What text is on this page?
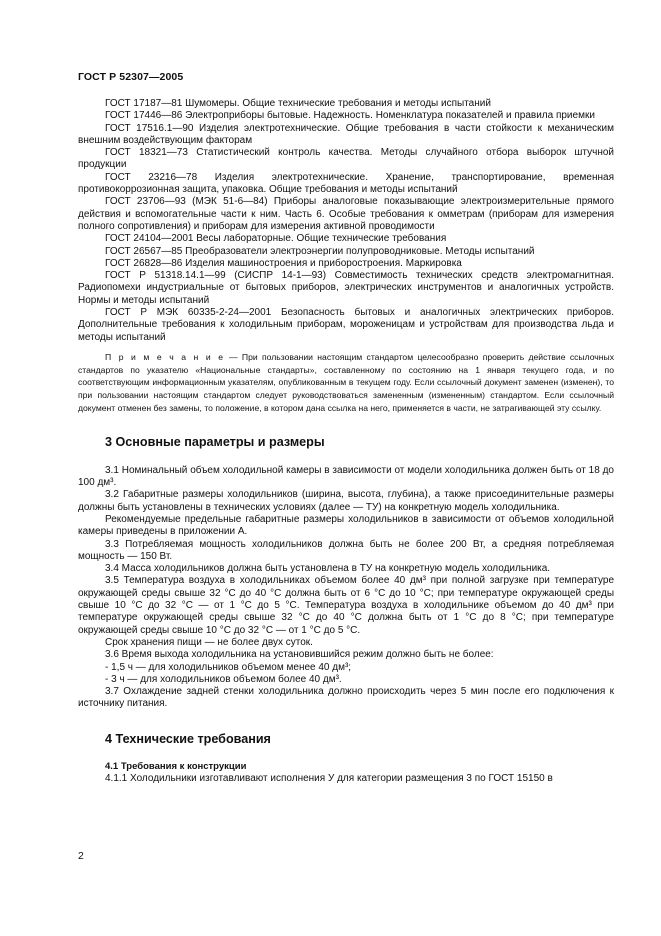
ГОСТ Р 52307—2005

ГОСТ 17187—81 Шумомеры. Общие технические требования и методы испытаний

ГОСТ 17446—86 Электроприборы бытовые. Надежность. Номенклатура показателей и правила приемки

ГОСТ 17516.1—90 Изделия электротехнические. Общие требования в части стойкости к механическим внешним воздействующим факторам

ГОСТ 18321—73 Статистический контроль качества. Методы случайного отбора выборок штучной продукции

ГОСТ 23216—78 Изделия электротехнические. Хранение, транспортирование, временная противокоррозионная защита, упаковка. Общие требования и методы испытаний

ГОСТ 23706—93 (МЭК 51-6—84) Приборы аналоговые показывающие электроизмерительные прямого действия и вспомогательные части к ним. Часть 6. Особые требования к омметрам (приборам для измерения полного сопротивления) и приборам для измерения активной проводимости

ГОСТ 24104—2001 Весы лабораторные. Общие технические требования

ГОСТ 26567—85 Преобразователи электроэнергии полупроводниковые. Методы испытаний

ГОСТ 26828—86 Изделия машиностроения и приборостроения. Маркировка

ГОСТ Р 51318.14.1—99 (СИСПР 14-1—93) Совместимость технических средств электромагнитная. Радиопомехи индустриальные от бытовых приборов, электрических инструментов и аналогичных устройств. Нормы и методы испытаний

ГОСТ Р МЭК 60335-2-24—2001 Безопасность бытовых и аналогичных электрических приборов. Дополнительные требования к холодильным приборам, мороженицам и устройствам для производства льда и методы испытаний

П р и м е ч а н и е — При пользовании настоящим стандартом целесообразно проверить действие ссылочных стандартов по указателю «Национальные стандарты», составленному по состоянию на 1 января текущего года, и по соответствующим информационным указателям, опубликованным в текущем году. Если ссылочный документ заменен (изменен), то при пользовании настоящим стандартом следует руководствоваться замененным (измененным) стандартом. Если ссылочный документ отменен без замены, то положение, в котором дана ссылка на него, применяется в части, не затрагивающей эту ссылку.

3 Основные параметры и размеры

3.1 Номинальный объем холодильной камеры в зависимости от модели холодильника должен быть от 18 до 100 дм³.

3.2 Габаритные размеры холодильников (ширина, высота, глубина), а также присоединительные размеры должны быть установлены в технических условиях (далее — ТУ) на конкретную модель холодильника.

Рекомендуемые предельные габаритные размеры холодильников в зависимости от объемов холодильной камеры приведены в приложении А.

3.3 Потребляемая мощность холодильников должна быть не более 200 Вт, а средняя потребляемая мощность — 150 Вт.

3.4 Масса холодильников должна быть установлена в ТУ на конкретную модель холодильника.

3.5 Температура воздуха в холодильниках объемом более 40 дм³ при полной загрузке при температуре окружающей среды свыше 32 °С до 40 °С должна быть от 6 °С до 10 °С; при температуре окружающей среды свыше 10 °С до 32 °С — от 1 °С до 5 °С. Температура воздуха в холодильнике объемом до 40 дм³ при температуре окружающей среды свыше 32 °С до 40 °С должна быть от 1 °С до 8 °С; при температуре окружающей среды свыше 10 °С до 32 °С — от 1 °С до 5 °С.

Срок хранения пищи — не более двух суток.

3.6 Время выхода холодильника на установившийся режим должно быть не более:

- 1,5 ч — для холодильников объемом менее 40 дм³;

- 3 ч — для холодильников объемом более 40 дм³.

3.7 Охлаждение задней стенки холодильника должно происходить через 5 мин после его подключения к источнику питания.

4 Технические требования

4.1 Требования к конструкции

4.1.1 Холодильники изготавливают исполнения У для категории размещения 3 по ГОСТ 15150 в

2
